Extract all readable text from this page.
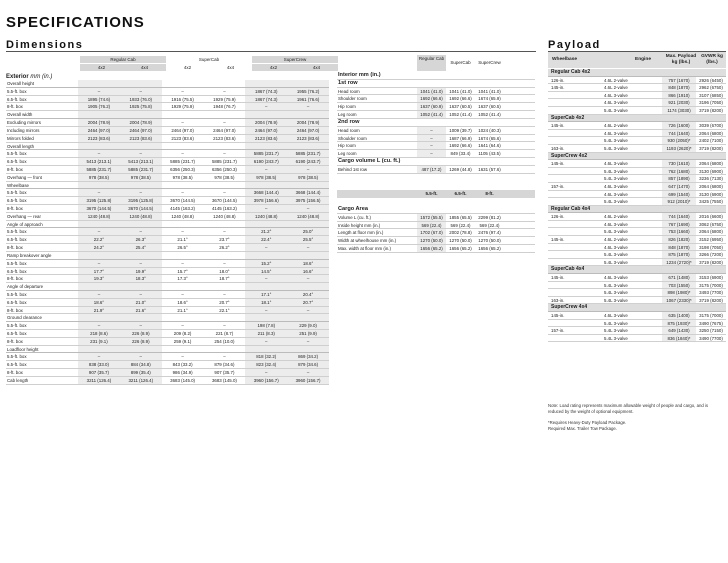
SPECIFICATIONS
Dimensions	Payload
Regular Cab	SuperCab	SuperCrew
4x2	4x4	4x2	4x4	4x2	4x4
Exterior mm (in.)
Overall height
5.5-ft. box	–	–	–	–	1867 (74.3)	1955 (76.2)
6.5-ft. box	1895 (74.6)	1933 (76.0)	1916 (75.5)	1929 (75.9)	1867 (74.3)	1961 (76.6)
8-ft. box	1905 (76.2)	1925 (75.8)	1929 (75.9)	1948 (76.7)	–	–
Overall width
Excluding mirrors	2004 (78.9)	2004 (78.9)	–	–	2004 (78.9)	2004 (78.9)
Including mirrors	2464 (97.0)	2464 (97.0)	2464 (97.0)	2464 (97.0)	2464 (97.0)	2464 (97.0)
Mirrors folded	2123 (83.6)	2123 (83.6)	2123 (83.6)	2123 (83.6)	2123 (83.6)	2123 (83.6)
Overall length
5.5-ft. box	–	–	–	–	5885 (231.7)	5885 (231.7)
6.5-ft. box	5413 (213.1)	5413 (213.1)	5885 (231.7)	5885 (231.7)	6190 (243.7)	6190 (243.7)
8-ft. box	5885 (231.7)	5885 (231.7)	6356 (250.3)	6356 (250.3)	–	–
Overhang — front	978 (38.5)	978 (38.5)	978 (38.5)	978 (38.5)	978 (38.5)	978 (38.5)
Wheelbase
5.5-ft. box	–	–	–	–	3668 (144.4)	3668 (144.4)
6.5-ft. box	3195 (125.8)	3195 (125.8)	3670 (144.5)	3670 (144.5)	3978 (156.6)	3975 (156.5)
8-ft. box	3670 (144.5)	3670 (144.5)	4145 (163.2)	4145 (163.2)	–	–
Overhang — rear	1240 (48.8)	1240 (48.8)	1240 (48.8)	1240 (48.8)	1240 (48.8)	1240 (48.8)
Angle of approach
5.5-ft. box	–	–	–	–	21.2°	25.0°
6.5-ft. box	22.2°	26.3°	21.1°	23.7°	22.4°	25.5°
8-ft. box	24.2°	25.4°	26.5°	26.2°	–	–
Ramp breakover angle
5.5-ft. box	–	–	–	–	15.2°	18.6°
6.5-ft. box	17.7°	19.9°	15.7°	18.0°	14.5°	16.6°
8-ft. box	19.3°	18.3°	17.3°	18.7°	–	–
Angle of departure
5.5-ft. box	–	–	–	–	17.1°	20.4°
6.5-ft. box	18.6°	21.0°	18.6°	20.7°	18.1°	20.7°
8-ft. box	21.9°	21.6°	21.1°	22.1°	–	–
Ground clearance
5.5-ft. box	–	–	–	–	198 (7.8)	229 (9.0)
6.5-ft. box	218 (8.6)	226 (8.9)	209 (8.2)	221 (8.7)	211 (8.3)	251 (9.9)
8-ft. box	231 (9.1)	226 (8.9)	259 (9.1)	254 (10.0)	–	–
Loadfloor height
5.5-ft. box	–	–	–	–	818 (32.2)	869 (34.2)
6.5-ft. box	838 (33.0)	884 (34.8)	843 (33.2)	879 (34.6)	823 (32.4)	879 (34.6)
8-ft. box	907 (35.7)	899 (35.4)	986 (34.9)	907 (35.7)	–	–
Cab length	3211 (126.4)	3211 (126.4)	3683 (145.0)	3683 (145.0)	3960 (156.7)	3960 (156.7)
Regular Cab
SuperCab	SuperCrew
Interior mm (in.)
1st row
Head room	1041 (41.0)	1041 (41.0)	1041 (41.0)
Shoulder room	1692 (66.6)	1692 (66.6)	1674 (65.9)
Hip room	1637 (60.9)	1637 (60.5)	1637 (60.5)
Leg room	1052 (41.4)	1052 (41.4)	1052 (41.4)
2nd row
Head room	–	1009 (39.7)	1024 (40.3)
Shoulder room	–	1687 (66.9)	1674 (65.6)
Hip room	–	1692 (66.6)	1641 (64.6)
Leg room	–	849 (33.4)	1105 (43.5)
Cargo volume L (cu. ft.)
Behind 1st row	487 (17.2)	1269 (44.8)	1631 (57.6)
5.5-ft.	6.5-ft.	8-ft.
Cargo Area
Volume L (cu. ft.)	1572 (55.5)	1855 (65.5)	2299 (81.2)
Inside height mm (in.)	569 (22.4)	569 (22.4)	569 (22.4)
Length at floor mm (in.)	1702 (67.0)	2002 (78.8)	2476 (97.4)
Width at wheelhouse mm (in.)	1270 (50.0)	1270 (50.0)	1270 (50.0)
Max. width at floor mm (in.)	1656 (65.2)	1656 (65.2)	1656 (65.2)
Wheelbase	Engine
Max. Payload kg (lbs.)
GVWR kg (lbs.)
Regular Cab 4x2
126-in.	4.6L 2-valve	757 (1670)	2926 (6450)
145-in.	4.6L 2-valve	848 (1870)	2962 (6750)
4.6L 3-valve	866 (1910)	3107 (6850)
4.6L 3-valve	921 (2030)	3196 (7050)
5.4L 3-valve	1174 (3030)	3719 (8200)
SuperCab 4x2
145-in.	4.6L 2-valve	726 (1600)	3039 (6700)
4.6L 3-valve	744 (1640)	2064 (6800)
5.4L 3-valve	930 (2050)*	2402 (7100)
163-in.	5.4L 3-valve	1193 (2620)*	3719 (8200)
SuperCrew 4x2
145-in.	4.6L 3-valve	730 (1610)	2064 (6800)
5.4L 3-valve	762 (1680)	3130 (6900)
5.4L 3-valve	857 (1890)	3236 (7130)
157-in.	4.6L 3-valve	647 (1470)	2064 (6800)
4.6L 3-valve	699 (1540)	3130 (6900)
5.4L 3-valve	912 (2010)*	3425 (7550)
Regular Cab 4x4
126-in.	4.6L 2-valve	744 (1640)	2016 (6600)
4.6L 3-valve	767 (1690)	3062 (6750)
5.4L 3-valve	753 (1660)	2064 (6800)
145-in.	4.6L 2-valve	826 (1820)	3152 (6950)
4.6L 3-valve	848 (1870)	3198 (7050)
5.4L 3-valve	875 (1870)	3266 (7200)
5.4L 3-valve	1234 (2720)*	3719 (8200)
SuperCab 4x4
145-in.	4.6L 3-valve	671 (1480)	3153 (6900)
5.4L 3-valve	703 (1550)	3175 (7000)
5.4L 3-valve	898 (1980)*	3493 (7700)
163-in.	5.4L 3-valve	1067 (2330)*	3719 (8200)
SuperCrew 4x4
145-in.	4.6L 3-valve	635 (1400)	3175 (7000)
5.4L 3-valve	875 (1930)*	3490 (7675)
157-in.	5.4L 3-valve	649 (1430)	3250 (7150)
5.4L 3-valve	836 (1840)*	3490 (7700)
Note: Load rating represents maximum allowable weight of people and cargo, and is reduced by the weight of optional equipment.
*Requires Heavy-Duty Payload Package.
Required Max. Trailer Tow Package.
